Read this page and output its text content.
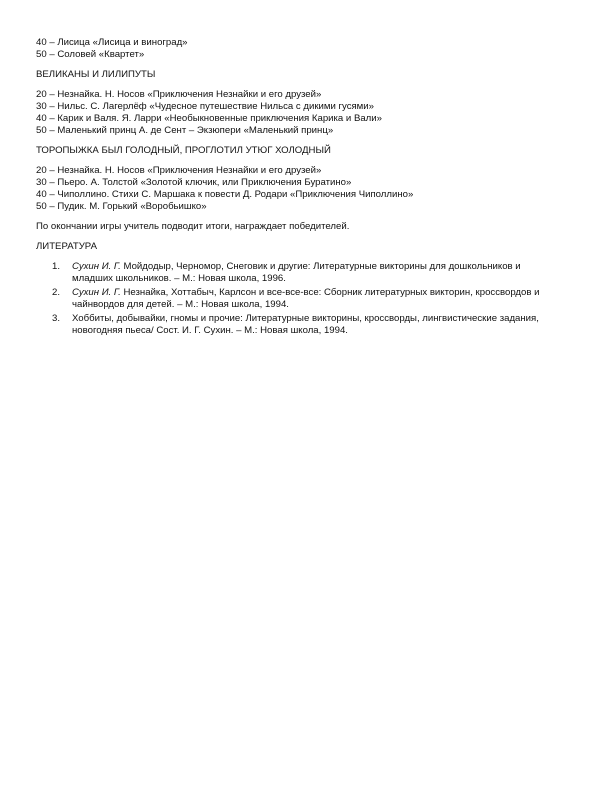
40 – Лисица «Лисица и виноград»
50 – Соловей «Квартет»
ВЕЛИКАНЫ И ЛИЛИПУТЫ
20 – Незнайка. Н. Носов «Приключения Незнайки и его друзей»
30 – Нильс. С. Лагерлёф «Чудесное путешествие Нильса с дикими гусями»
40 – Карик и Валя. Я. Ларри «Необыкновенные приключения Карика и Вали»
50 – Маленький принц А. де Сент – Экзюпери «Маленький принц»
ТОРОПЫЖКА БЫЛ ГОЛОДНЫЙ, ПРОГЛОТИЛ УТЮГ ХОЛОДНЫЙ
20 – Незнайка. Н. Носов «Приключения Незнайки и его друзей»
30 – Пьеро. А. Толстой «Золотой ключик, или Приключения Буратино»
40 – Чиполлино. Стихи С. Маршака к повести Д. Родари «Приключения Чиполлино»
50 – Пудик. М. Горький «Воробьишко»
По окончании игры учитель подводит итоги, награждает победителей.
ЛИТЕРАТУРА
1. Сухин И. Г. Мойдодыр, Черномор, Снеговик и другие: Литературные викторины для дошкольников и
младших школьников. – М.: Новая школа, 1996.
2. Сухин И. Г. Незнайка, Хоттабыч, Карлсон и все-все-все: Сборник литературных викторин, кроссвордов и
чайнвордов для детей. – М.: Новая школа, 1994.
3. Хоббиты, добывайки, гномы и прочие: Литературные викторины, кроссворды, лингвистические задания,
новогодняя пьеса/ Сост. И. Г. Сухин. – М.: Новая школа, 1994.
